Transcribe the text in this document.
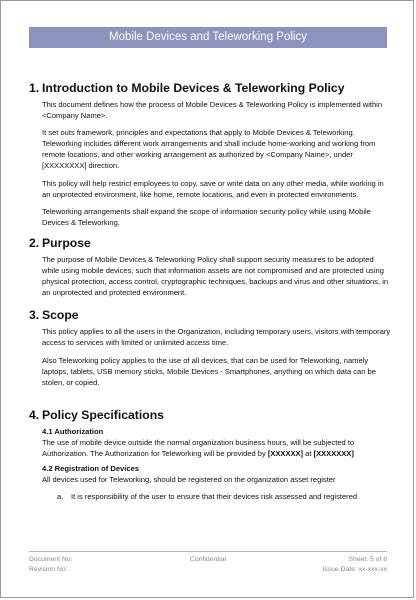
Mobile Devices and Teleworking Policy
1. Introduction to Mobile Devices & Teleworking Policy

This document defines how the process of Mobile Devices & Teleworking Policy is implemented within <Company Name>.

It set outs framework, principles and expectations that apply to Mobile Devices & Teleworking. Teleworking includes different work arrangements and shall include home-working and working from remote locations, and other working arrangement as authorized by <Company Name>, under [XXXXXXXX] direction.

This policy will help restrict employees to copy, save or write data on any other media, while working in an unprotected environment, like home, remote locations, and even in protected environments.

Teleworking arrangements shall expand the scope of information security policy while using Mobile Devices & Teleworking.

2. Purpose

The purpose of Mobile Devices & Teleworking Policy shall support security measures to be adopted while using mobile devices, such that information assets are not compromised and are protected using physical protection, access control, cryptographic techniques, backups and virus and other situations, in an unprotected and protected environment.

3. Scope

This policy applies to all the users in the Organization, including temporary users, visitors with temporary access to services with limited or unlimited access time.

Also Teleworking policy applies to the use of all devices, that can be used for Teleworking, namely laptops, tablets, USB memory sticks, Mobile Devices - Smartphones, anything on which data can be stolen, or copied.

4. Policy Specifications
4.1 Authorization

The use of mobile device outside the normal organization business hours, will be subjected to Authorization. The Authorization for Teleworking will be provided by [XXXXXX] at [XXXXXXX]

4.2 Registration of Devices

All devices used for Teleworking, should be registered on the organization asset register

a.	It is responsibility of the user to ensure that their devices risk assessed and registered
Document No:	Confidential	Sheet: 5 of 8
Revision No:	Issue Date: xx-xxx-xx
